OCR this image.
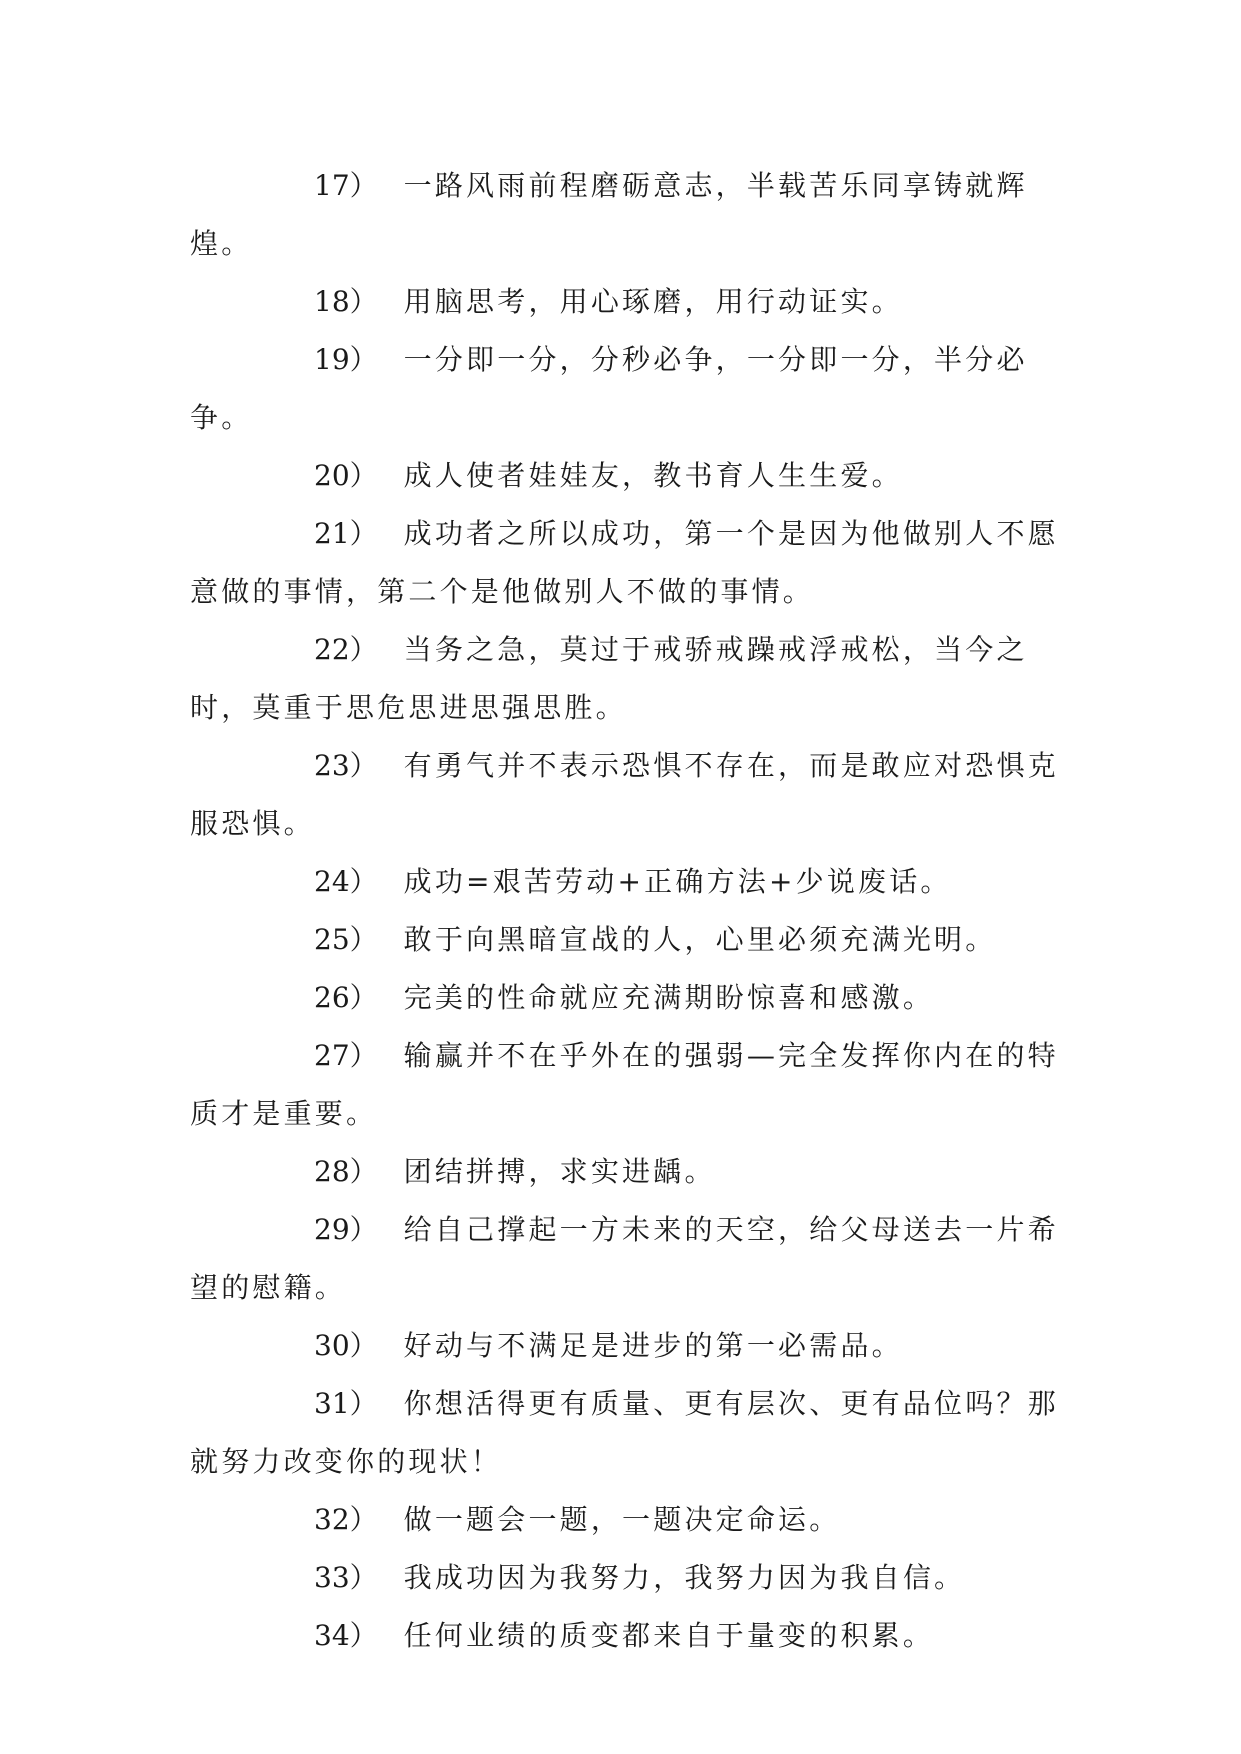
17） 一路风雨前程磨砺意志，半载苦乐同享铸就辉煌。

18） 用脑思考，用心琢磨，用行动证实。

19） 一分即一分，分秒必争，一分即一分，半分必争。

20） 成人使者娃娃友，教书育人生生爱。

21） 成功者之所以成功，第一个是因为他做别人不愿意做的事情，第二个是他做别人不做的事情。

22） 当务之急，莫过于戒骄戒躁戒浮戒松，当今之时，莫重于思危思进思强思胜。

23） 有勇气并不表示恐惧不存在，而是敢应对恐惧克服恐惧。

24） 成功=艰苦劳动+正确方法+少说废话。

25） 敢于向黑暗宣战的人，心里必须充满光明。

26） 完美的性命就应充满期盼惊喜和感激。

27） 输赢并不在乎外在的强弱—完全发挥你内在的特质才是重要。

28） 团结拼搏，求实进龋。

29） 给自己撑起一方未来的天空，给父母送去一片希望的慰籍。

30） 好动与不满足是进步的第一必需品。

31） 你想活得更有质量、更有层次、更有品位吗？那就努力改变你的现状！

32） 做一题会一题，一题决定命运。

33） 我成功因为我努力，我努力因为我自信。

34） 任何业绩的质变都来自于量变的积累。
